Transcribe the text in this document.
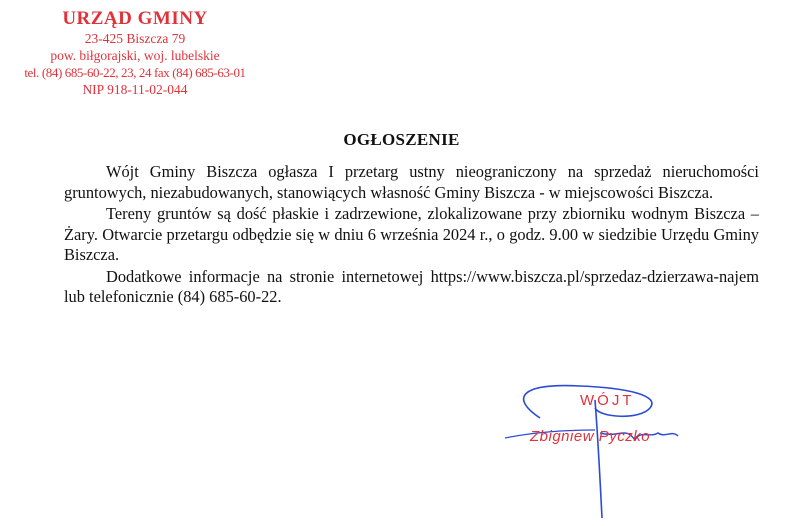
URZĄD GMINY
23-425 Biszcza 79
pow. biłgorajski, woj. lubelskie
tel. (84) 685-60-22, 23, 24 fax (84) 685-63-01
NIP 918-11-02-044
OGŁOSZENIE

Wójt Gminy Biszcza ogłasza I przetarg ustny nieograniczony na sprzedaż nieruchomości gruntowych, niezabudowanych, stanowiących własność Gminy Biszcza - w miejscowości Biszcza.

Tereny gruntów są dość płaskie i zadrzewione, zlokalizowane przy zbiorniku wodnym Biszcza – Żary. Otwarcie przetargu odbędzie się w dniu 6 września 2024 r., o godz. 9.00 w siedzibie Urzędu Gminy Biszcza.

Dodatkowe informacje na stronie internetowej https://www.biszcza.pl/sprzedaz-dzierzawa-najem lub telefonicznie (84) 685-60-22.

WÓJT
Zbigniew Pyczko
